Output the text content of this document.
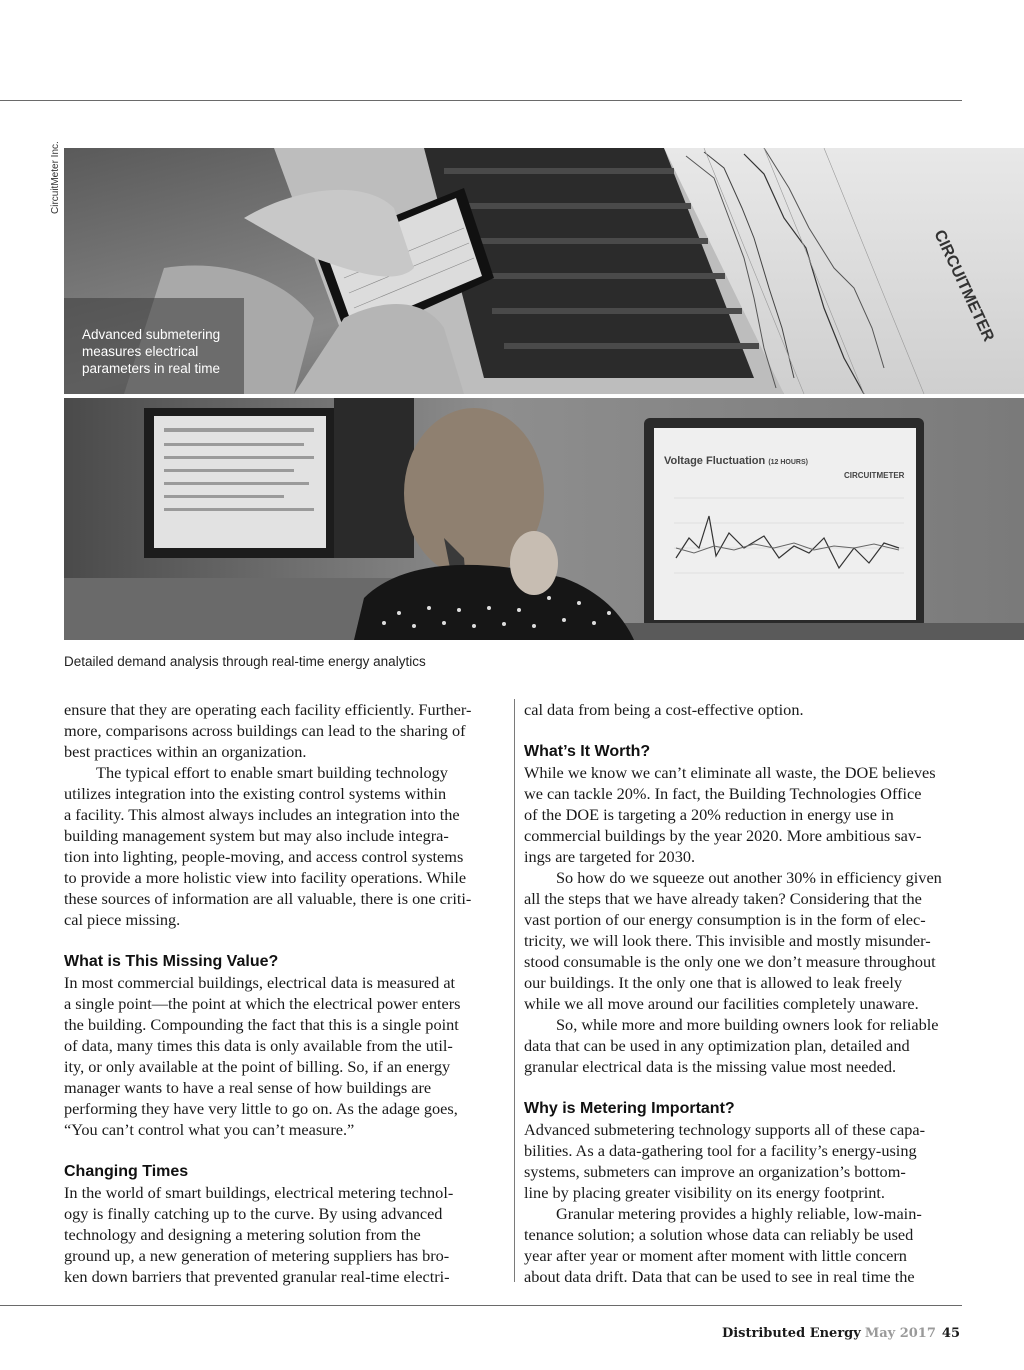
CircuitMeter Inc.
CIRCUITMETER
Advanced submetering
measures electrical
parameters in real time
Voltage Fluctuation (12 HOURS)
CIRCUITMETER
Detailed demand analysis through real-time energy analytics
ensure that they are operating each facility efficiently. Further-
more, comparisons across buildings can lead to the sharing of
best practices within an organization.
The typical effort to enable smart building technology
utilizes integration into the existing control systems within
a facility. This almost always includes an integration into the
building management system but may also include integra-
tion into lighting, people-moving, and access control systems
to provide a more holistic view into facility operations. While
these sources of information are all valuable, there is one criti-
cal piece missing.
What is This Missing Value?
In most commercial buildings, electrical data is measured at
a single point—the point at which the electrical power enters
the building. Compounding the fact that this is a single point
of data, many times this data is only available from the util-
ity, or only available at the point of billing. So, if an energy
manager wants to have a real sense of how buildings are
performing they have very little to go on. As the adage goes,
“You can’t control what you can’t measure.”
Changing Times
In the world of smart buildings, electrical metering technol-
ogy is finally catching up to the curve. By using advanced
technology and designing a metering solution from the
ground up, a new generation of metering suppliers has bro-
ken down barriers that prevented granular real-time electri-
cal data from being a cost-effective option.
What’s It Worth?
While we know we can’t eliminate all waste, the DOE believes
we can tackle 20%. In fact, the Building Technologies Office
of the DOE is targeting a 20% reduction in energy use in
commercial buildings by the year 2020. More ambitious sav-
ings are targeted for 2030.
So how do we squeeze out another 30% in efficiency given
all the steps that we have already taken? Considering that the
vast portion of our energy consumption is in the form of elec-
tricity, we will look there. This invisible and mostly misunder-
stood consumable is the only one we don’t measure throughout
our buildings. It the only one that is allowed to leak freely
while we all move around our facilities completely unaware.
So, while more and more building owners look for reliable
data that can be used in any optimization plan, detailed and
granular electrical data is the missing value most needed.
Why is Metering Important?
Advanced submetering technology supports all of these capa-
bilities. As a data-gathering tool for a facility’s energy-using
systems, submeters can improve an organization’s bottom-
line by placing greater visibility on its energy footprint.
Granular metering provides a highly reliable, low-main-
tenance solution; a solution whose data can reliably be used
year after year or moment after moment with little concern
about data drift. Data that can be used to see in real time the
Distributed Energy May 2017 45
